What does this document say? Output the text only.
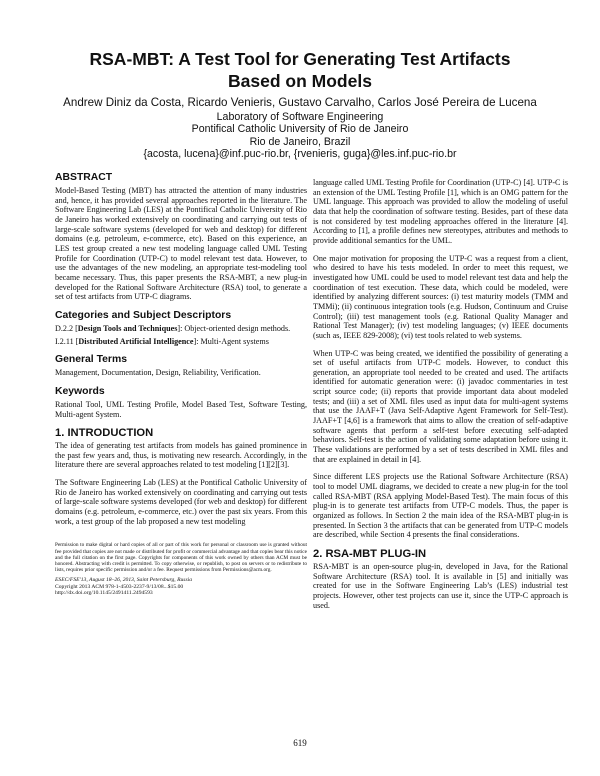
RSA-MBT: A Test Tool for Generating Test Artifacts
Based on Models
Andrew Diniz da Costa, Ricardo Venieris, Gustavo Carvalho, Carlos José Pereira de Lucena
Laboratory of Software Engineering
Pontifical Catholic University of Rio de Janeiro
Rio de Janeiro, Brazil
{acosta, lucena}@inf.puc-rio.br, {rvenieris, guga}@les.inf.puc-rio.br
ABSTRACT

Model-Based Testing (MBT) has attracted the attention of many industries and, hence, it has provided several approaches reported in the literature. The Software Engineering Lab (LES) at the Pontifical Catholic University of Rio de Janeiro has worked extensively on coordinating and carrying out tests of large-scale software systems (developed for web and desktop) for different domains (e.g. petroleum, e-commerce, etc). Based on this experience, an LES test group created a new test modeling language called UML Testing Profile for Coordination (UTP-C) to model relevant test data. However, to use the advantages of the new modeling, an appropriate test-modeling tool became necessary. Thus, this paper presents the RSA-MBT, a new plug-in developed for the Rational Software Architecture (RSA) tool, to generate a set of test artifacts from UTP-C diagrams.

Categories and Subject Descriptors

D.2.2 [Design Tools and Techniques]: Object-oriented design methods.

I.2.11 [Distributed Artificial Intelligence]: Multi-Agent systems

General Terms

Management, Documentation, Design, Reliability, Verification.

Keywords

Rational Tool, UML Testing Profile, Model Based Test, Software Testing, Multi-agent System.

1. INTRODUCTION

The idea of generating test artifacts from models has gained prominence in the past few years and, thus, is motivating new research. Accordingly, in the literature there are several approaches related to test modeling [1][2][3].

The Software Engineering Lab (LES) at the Pontifical Catholic University of Rio de Janeiro has worked extensively on coordinating and carrying out tests of large-scale software systems developed (for web and desktop) for different domains (e.g. petroleum, e-commerce, etc.) over the past six years. From this work, a test group of the lab proposed a new test modeling

Permission to make digital or hard copies of all or part of this work for personal or classroom use is granted without fee provided that copies are not made or distributed for profit or commercial advantage and that copies bear this notice and the full citation on the first page. Copyrights for components of this work owned by others than ACM must be honored. Abstracting with credit is permitted. To copy otherwise, or republish, to post on servers or to redistribute to lists, requires prior specific permission and/or a fee. Request permissions from Permissions@acm.org.
ESEC/FSE'13, August 18–26, 2013, Saint Petersburg, Russia
Copyright 2013 ACM 978-1-4503-2237-9/13/08...$15.00
http://dx.doi.org/10.1145/2491411.2494593

language called UML Testing Profile for Coordination (UTP-C) [4]. UTP-C is an extension of the UML Testing Profile [1], which is an OMG pattern for the UML language. This approach was provided to allow the modeling of useful data that help the coordination of software testing. Besides, part of these data is not considered by test modeling approaches offered in the literature [4]. According to [1], a profile defines new stereotypes, attributes and methods to provide additional semantics for the UML.

One major motivation for proposing the UTP-C was a request from a client, who desired to have his tests modeled. In order to meet this request, we investigated how UML could be used to model relevant test data and help the coordination of test execution. These data, which could be modeled, were identified by analyzing different sources: (i) test maturity models (TMM and TMMi); (ii) continuous integration tools (e.g. Hudson, Continuum and Cruise Control); (iii) test management tools (e.g. Rational Quality Manager and Rational Test Manager); (iv) test modeling languages; (v) IEEE documents (such as, IEEE 829-2008); (vi) test tools related to web systems.

When UTP-C was being created, we identified the possibility of generating a set of useful artifacts from UTP-C models. However, to conduct this generation, an appropriate tool needed to be created and used. The artifacts identified for automatic generation were: (i) javadoc commentaries in test script source code; (ii) reports that provide important data about modeled tests; and (iii) a set of XML files used as input data for multi-agent systems that use the JAAF+T (Java Self-Adaptive Agent Framework for Self-Test). JAAF+T [4,6] is a framework that aims to allow the creation of self-adaptive software agents that perform a self-test before executing self-adapted behaviors. Self-test is the action of validating some adaptation before using it. These validations are performed by a set of tests described in XML files and that are explained in detail in [4].

Since different LES projects use the Rational Software Architecture (RSA) tool to model UML diagrams, we decided to create a new plug-in for the tool called RSA-MBT (RSA applying Model-Based Test). The main focus of this plug-in is to generate test artifacts from UTP-C models. Thus, the paper is organized as follows. In Section 2 the main idea of the RSA-MBT plug-in is presented. In Section 3 the artifacts that can be generated from UTP-C models are described, while Section 4 presents the final considerations.

2. RSA-MBT PLUG-IN

RSA-MBT is an open-source plug-in, developed in Java, for the Rational Software Architecture (RSA) tool. It is available in [5] and initially was created for use in the Software Engineering Lab’s (LES) industrial test projects. However, other test projects can use it, since the UTP-C approach is used.

619
